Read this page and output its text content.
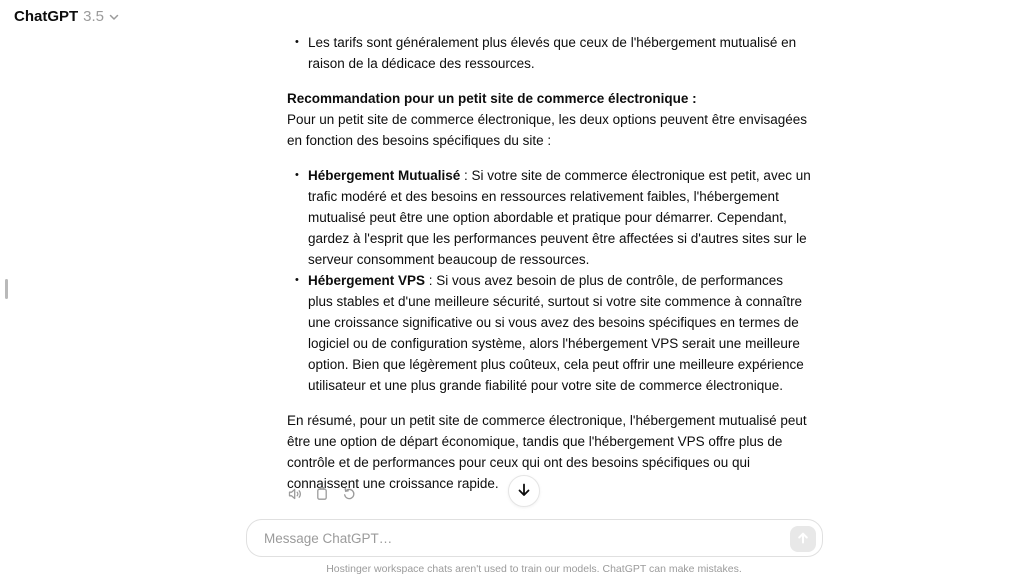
ChatGPT 3.5
• Les tarifs sont généralement plus élevés que ceux de l'hébergement mutualisé en raison de la dédicace des ressources.

Recommandation pour un petit site de commerce électronique :
Pour un petit site de commerce électronique, les deux options peuvent être envisagées en fonction des besoins spécifiques du site :

• Hébergement Mutualisé : Si votre site de commerce électronique est petit, avec un trafic modéré et des besoins en ressources relativement faibles, l'hébergement mutualisé peut être une option abordable et pratique pour démarrer. Cependant, gardez à l'esprit que les performances peuvent être affectées si d'autres sites sur le serveur consomment beaucoup de ressources.
• Hébergement VPS : Si vous avez besoin de plus de contrôle, de performances plus stables et d'une meilleure sécurité, surtout si votre site commence à connaître une croissance significative ou si vous avez des besoins spécifiques en termes de logiciel ou de configuration système, alors l'hébergement VPS serait une meilleure option. Bien que légèrement plus coûteux, cela peut offrir une meilleure expérience utilisateur et une plus grande fiabilité pour votre site de commerce électronique.

En résumé, pour un petit site de commerce électronique, l'hébergement mutualisé peut être une option de départ économique, tandis que l'hébergement VPS offre plus de contrôle et de performances pour ceux qui ont des besoins spécifiques ou qui connaissent une croissance rapide.

Message ChatGPT…
Hostinger workspace chats aren't used to train our models. ChatGPT can make mistakes.
